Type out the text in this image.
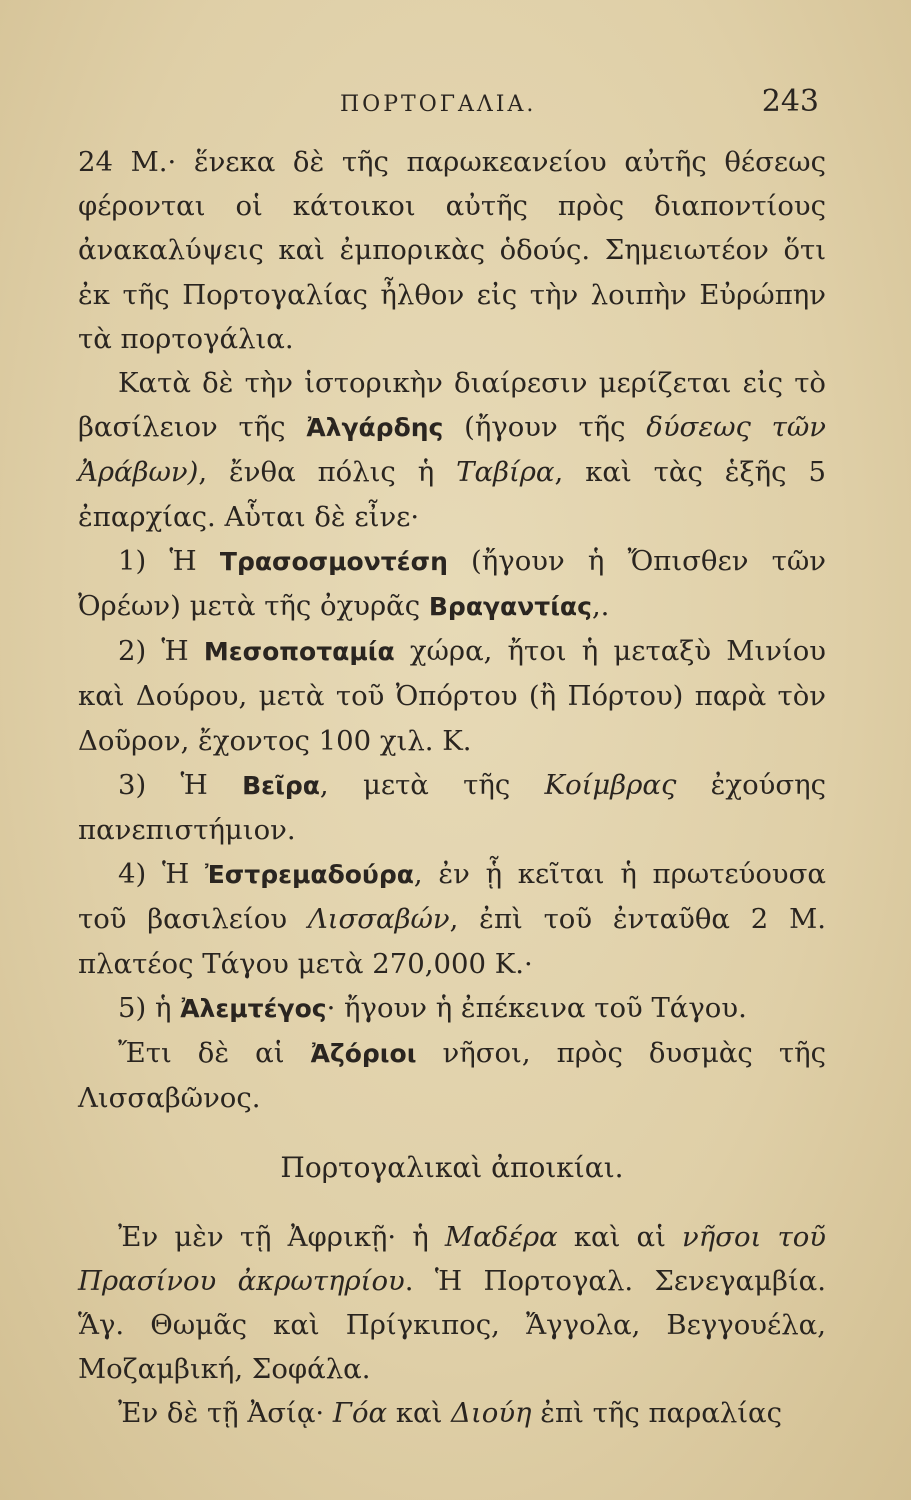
ΠΟΡΤΟΓΑΛΙΑ.	243

24 Μ.· ἕνεκα δὲ τῆς παρωκεανείου αὐτῆς θέσεως φέρονται οἱ κάτοικοι αὐτῆς πρὸς διαποντίους ἀνακαλύψεις καὶ ἐμπορικὰς ὁδούς. Σημειωτέον ὅτι ἐκ τῆς Πορτογαλίας ἦλθον εἰς τὴν λοιπὴν Εὐρώπην τὰ πορτογάλια.

Κατὰ δὲ τὴν ἱστορικὴν διαίρεσιν μερίζεται εἰς τὸ βασίλειον τῆς Ἀλγάρδης (ἤγουν τῆς δύσεως τῶν Ἀράβων), ἔνθα πόλις ἡ Ταβίρα, καὶ τὰς ἑξῆς 5 ἐπαρχίας. Αὗται δὲ εἶνε·

1) Ἡ Τρασοσμοντέση (ἤγουν ἡ Ὄπισθεν τῶν Ὀρέων) μετὰ τῆς ὀχυρᾶς Βραγαντίας,.

2) Ἡ Μεσοποταμία χώρα, ἤτοι ἡ μεταξὺ Μινίου καὶ Δούρου, μετὰ τοῦ Ὀπόρτου (ἢ Πόρτου) παρὰ τὸν Δοῦρον, ἔχοντος 100 χιλ. Κ.

3) Ἡ Βεῖρα, μετὰ τῆς Κοίμβρας ἐχούσης πανεπιστήμιον.

4) Ἡ Ἐστρεμαδούρα, ἐν ᾗ κεῖται ἡ πρωτεύουσα τοῦ βασιλείου Λισσαβών, ἐπὶ τοῦ ἐνταῦθα 2 Μ. πλατέος Τάγου μετὰ 270,000 Κ.·

5) ἡ Ἀλεμτέγος· ἤγουν ἡ ἐπέκεινα τοῦ Τάγου.

Ἔτι δὲ αἱ Ἀζόριοι νῆσοι, πρὸς δυσμὰς τῆς Λισσαβῶνος.

Πορτογαλικαὶ ἀποικίαι.

Ἐν μὲν τῇ Ἀφρικῇ· ἡ Μαδέρα καὶ αἱ νῆσοι τοῦ Πρασίνου ἀκρωτηρίου. Ἡ Πορτογαλ. Σενεγαμβία. Ἅγ. Θωμᾶς καὶ Πρίγκιπος, Ἄγγολα, Βεγγουέλα, Μοζαμβική, Σοφάλα.

Ἐν δὲ τῇ Ἀσίᾳ· Γόα καὶ Διούη ἐπὶ τῆς παραλίας
